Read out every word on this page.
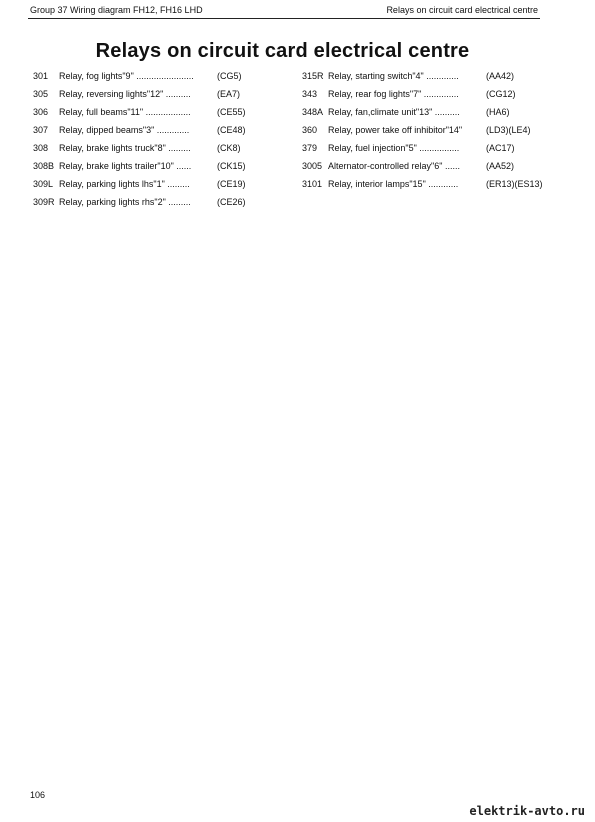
Group 37 Wiring diagram FH12, FH16 LHD	Relays on circuit card electrical centre
Relays on circuit card electrical centre
301 Relay, fog lights"9" .......................	(CG5)
305 Relay, reversing lights"12" ..........	(EA7)
306 Relay, full beams"11" ..................	(CE55)
307 Relay, dipped beams"3" .............	(CE48)
308 Relay, brake lights truck"8" .........	(CK8)
308B Relay, brake lights trailer"10" ......	(CK15)
309L Relay, parking lights lhs"1" .........	(CE19)
309R Relay, parking lights rhs"2" .........	(CE26)
315R Relay, starting switch"4" .............	(AA42)
343 Relay, rear fog lights"7" ..............	(CG12)
348A Relay, fan,climate unit"13" ..........	(HA6)
360 Relay, power take off inhibitor"14"	(LD3)(LE4)
379 Relay, fuel injection"5" ................	(AC17)
3005 Alternator-controlled relay"6" ......	(AA52)
3101 Relay, interior lamps"15" ............	(ER13)(ES13)
106
elektrik-avto.ru
